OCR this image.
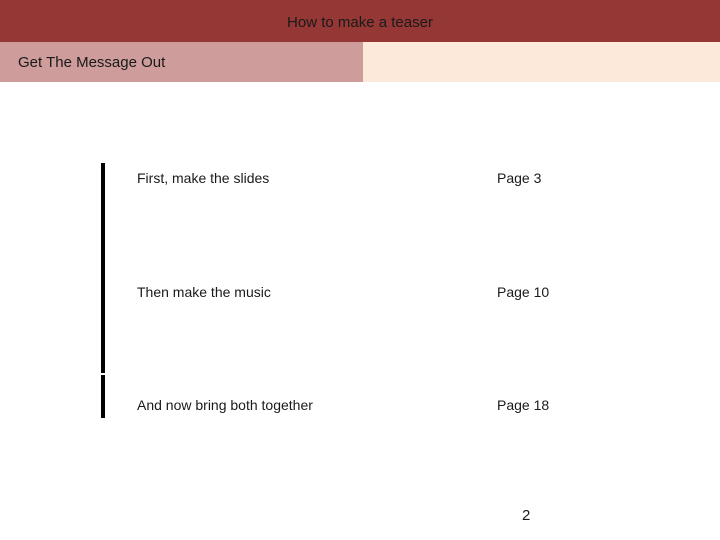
How to make a teaser
Get The Message Out
First, make the slides	Page 3
Then make the music	Page 10
And now bring both together	Page 18
2
